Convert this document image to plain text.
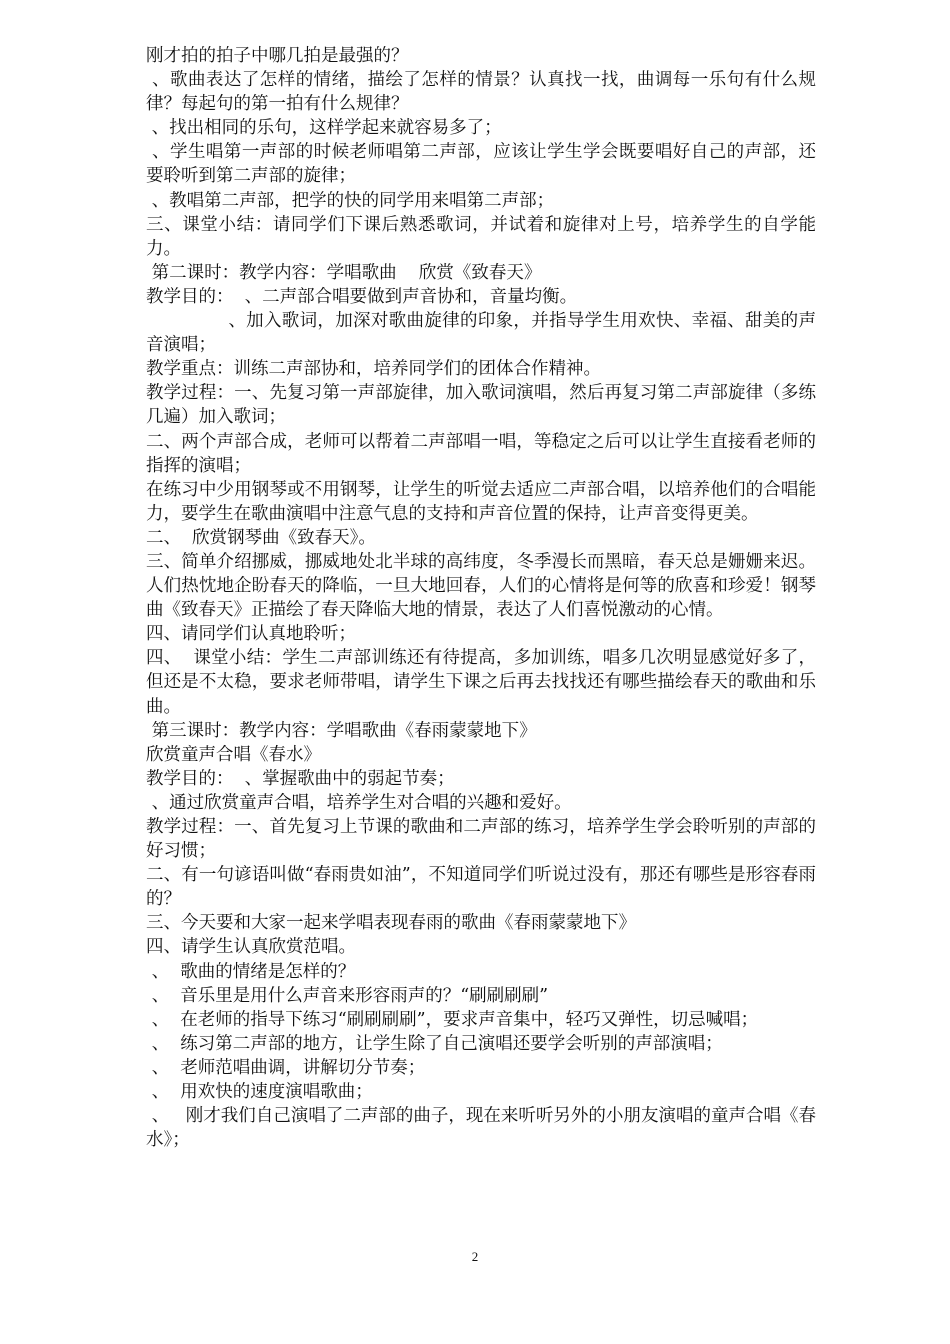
刚才拍的拍子中哪几拍是最强的？

、歌曲表达了怎样的情绪，描绘了怎样的情景？认真找一找，曲调每一乐句有什么规律？每起句的第一拍有什么规律？

、找出相同的乐句，这样学起来就容易多了；

、学生唱第一声部的时候老师唱第二声部，应该让学生学会既要唱好自己的声部，还要聆听到第二声部的旋律；

、教唱第二声部，把学的快的同学用来唱第二声部；

三、课堂小结：请同学们下课后熟悉歌词，并试着和旋律对上号，培养学生的自学能力。

第二课时：教学内容：学唱歌曲    欣赏《致春天》

教学目的：  、二声部合唱要做到声音协和，音量均衡。

、加入歌词，加深对歌曲旋律的印象，并指导学生用欢快、幸福、甜美的声音演唱；

教学重点：训练二声部协和，培养同学们的团体合作精神。

教学过程：一、先复习第一声部旋律，加入歌词演唱，然后再复习第二声部旋律（多练几遍）加入歌词；

二、两个声部合成，老师可以帮着二声部唱一唱，等稳定之后可以让学生直接看老师的指挥的演唱；

在练习中少用钢琴或不用钢琴，让学生的听觉去适应二声部合唱，以培养他们的合唱能力，要学生在歌曲演唱中注意气息的支持和声音位置的保持，让声音变得更美。

二、  欣赏钢琴曲《致春天》。

三、简单介绍挪威，挪威地处北半球的高纬度，冬季漫长而黑暗，春天总是姗姗来迟。人们热忱地企盼春天的降临，一旦大地回春，人们的心情将是何等的欣喜和珍爱！钢琴曲《致春天》正描绘了春天降临大地的情景，表达了人们喜悦激动的心情。

四、请同学们认真地聆听；

四、  课堂小结：学生二声部训练还有待提高，多加训练，唱多几次明显感觉好多了，但还是不太稳，要求老师带唱，请学生下课之后再去找找还有哪些描绘春天的歌曲和乐曲。

第三课时：教学内容：学唱歌曲《春雨蒙蒙地下》

欣赏童声合唱《春水》

教学目的：  、掌握歌曲中的弱起节奏；

、通过欣赏童声合唱，培养学生对合唱的兴趣和爱好。

教学过程：一、首先复习上节课的歌曲和二声部的练习，培养学生学会聆听别的声部的好习惯；

二、有一句谚语叫做“春雨贵如油”，不知道同学们听说过没有，那还有哪些是形容春雨的？

三、今天要和大家一起来学唱表现春雨的歌曲《春雨蒙蒙地下》

四、请学生认真欣赏范唱。

、  歌曲的情绪是怎样的？

、  音乐里是用什么声音来形容雨声的？“刷刷刷刷”

、  在老师的指导下练习“刷刷刷刷”，要求声音集中，轻巧又弹性，切忌喊唱；

、  练习第二声部的地方，让学生除了自己演唱还要学会听别的声部演唱；

、  老师范唱曲调，讲解切分节奏；

、  用欢快的速度演唱歌曲；

、   刚才我们自己演唱了二声部的曲子，现在来听听另外的小朋友演唱的童声合唱《春水》；

2
